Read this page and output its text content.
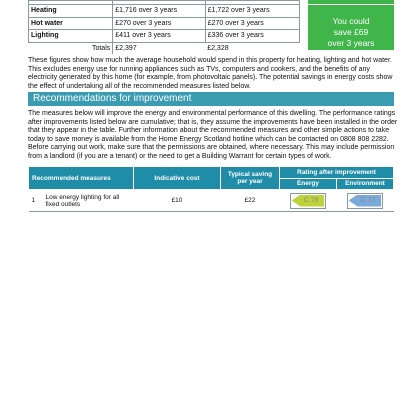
Heating	£1,716 over 3 years	£1,722 over 3 years
Hot water	£270 over 3 years	£270 over 3 years
Lighting	£411 over 3 years	£336 over 3 years
Totals	£2,397	£2,328
You could
save £69
over 3 years

These figures show how much the average household would spend in this property for heating, lighting and hot water. This excludes energy use for running appliances such as TVs, computers and cookers, and the benefits of any electricity generated by this home (for example, from photovoltaic panels). The potential savings in energy costs show the effect of undertaking all of the recommended measures listed below.

Recommendations for improvement

The measures below will improve the energy and environmental performance of this dwelling. The performance ratings after improvements listed below are cumulative; that is, they assume the improvements have been installed in the order that they appear in the table. Further information about the recommended measures and other simple actions to take today to save money is available from the Home Energy Scotland hotline which can be contacted on 0808 808 2282. Before carrying out work, make sure that the permissions are obtained, where necessary. This may include permission from a landlord (if you are a tenant) or the need to get a Building Warrant for certain types of work.

Recommended measures		Indicative cost	Typical saving per year	Rating after improvement	
				Energy	Environment
1	Low energy lighting for all fixed outlets	£10	£22	C 78	C 77
